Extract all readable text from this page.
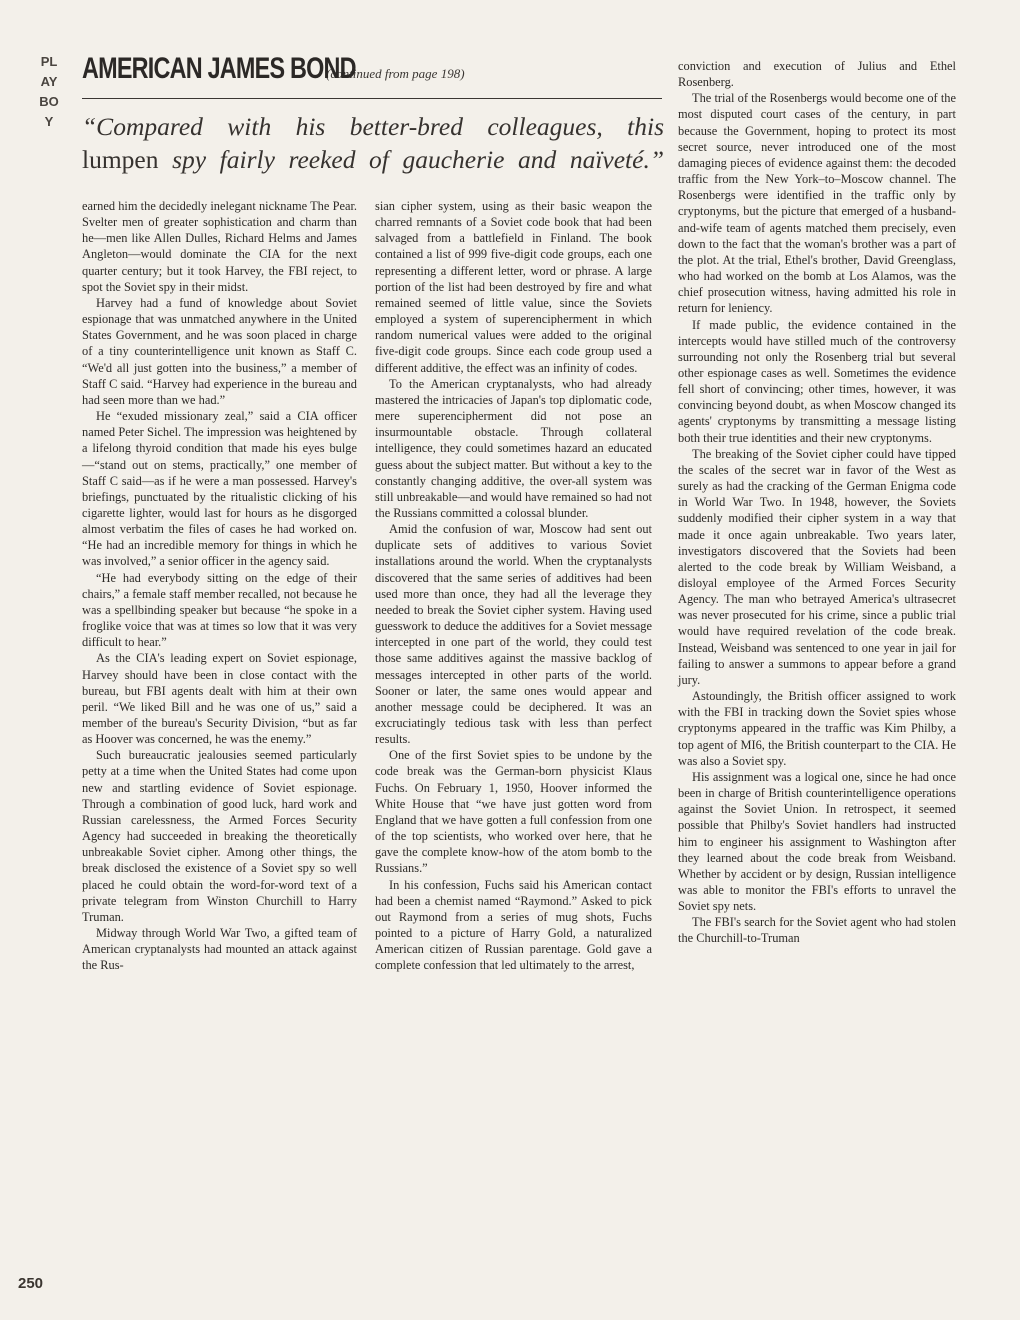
PLAYBOY
250
AMERICAN JAMES BOND
(continued from page 198)
“Compared with his better-bred colleagues, this
lumpen spy fairly reeked of gaucherie and naïveté.”

earned him the decidedly inelegant nickname The Pear. Svelter men of greater sophistication and charm than he—men like Allen Dulles, Richard Helms and James Angleton—would dominate the CIA for the next quarter century; but it took Harvey, the FBI reject, to spot the Soviet spy in their midst.

Harvey had a fund of knowledge about Soviet espionage that was unmatched anywhere in the United States Government, and he was soon placed in charge of a tiny counterintelligence unit known as Staff C. “We'd all just gotten into the business,” a member of Staff C said. “Harvey had experience in the bureau and had seen more than we had.”

He “exuded missionary zeal,” said a CIA officer named Peter Sichel. The impression was heightened by a lifelong thyroid condition that made his eyes bulge—“stand out on stems, practically,” one member of Staff C said—as if he were a man possessed. Harvey's briefings, punctuated by the ritualistic clicking of his cigarette lighter, would last for hours as he disgorged almost verbatim the files of cases he had worked on. “He had an incredible memory for things in which he was involved,” a senior officer in the agency said.

“He had everybody sitting on the edge of their chairs,” a female staff member recalled, not because he was a spellbinding speaker but because “he spoke in a froglike voice that was at times so low that it was very difficult to hear.”

As the CIA's leading expert on Soviet espionage, Harvey should have been in close contact with the bureau, but FBI agents dealt with him at their own peril. “We liked Bill and he was one of us,” said a member of the bureau's Security Division, “but as far as Hoover was concerned, he was the enemy.”

Such bureaucratic jealousies seemed particularly petty at a time when the United States had come upon new and startling evidence of Soviet espionage. Through a combination of good luck, hard work and Russian carelessness, the Armed Forces Security Agency had succeeded in breaking the theoretically unbreakable Soviet cipher. Among other things, the break disclosed the existence of a Soviet spy so well placed he could obtain the word-for-word text of a private telegram from Winston Churchill to Harry Truman.

Midway through World War Two, a gifted team of American cryptanalysts had mounted an attack against the Rus-

sian cipher system, using as their basic weapon the charred remnants of a Soviet code book that had been salvaged from a battlefield in Finland. The book contained a list of 999 five-digit code groups, each one representing a different letter, word or phrase. A large portion of the list had been destroyed by fire and what remained seemed of little value, since the Soviets employed a system of superencipherment in which random numerical values were added to the original five-digit code groups. Since each code group used a different additive, the effect was an infinity of codes.

To the American cryptanalysts, who had already mastered the intricacies of Japan's top diplomatic code, mere superencipherment did not pose an insurmountable obstacle. Through collateral intelligence, they could sometimes hazard an educated guess about the subject matter. But without a key to the constantly changing additive, the over-all system was still unbreakable—and would have remained so had not the Russians committed a colossal blunder.

Amid the confusion of war, Moscow had sent out duplicate sets of additives to various Soviet installations around the world. When the cryptanalysts discovered that the same series of additives had been used more than once, they had all the leverage they needed to break the Soviet cipher system. Having used guesswork to deduce the additives for a Soviet message intercepted in one part of the world, they could test those same additives against the massive backlog of messages intercepted in other parts of the world. Sooner or later, the same ones would appear and another message could be deciphered. It was an excruciatingly tedious task with less than perfect results.

One of the first Soviet spies to be undone by the code break was the German-born physicist Klaus Fuchs. On February 1, 1950, Hoover informed the White House that “we have just gotten word from England that we have gotten a full confession from one of the top scientists, who worked over here, that he gave the complete know-how of the atom bomb to the Russians.”

In his confession, Fuchs said his American contact had been a chemist named “Raymond.” Asked to pick out Raymond from a series of mug shots, Fuchs pointed to a picture of Harry Gold, a naturalized American citizen of Russian parentage. Gold gave a complete confession that led ultimately to the arrest,

conviction and execution of Julius and Ethel Rosenberg.

The trial of the Rosenbergs would become one of the most disputed court cases of the century, in part because the Government, hoping to protect its most secret source, never introduced one of the most damaging pieces of evidence against them: the decoded traffic from the New York–to–Moscow channel. The Rosenbergs were identified in the traffic only by cryptonyms, but the picture that emerged of a husband-and-wife team of agents matched them precisely, even down to the fact that the woman's brother was a part of the plot. At the trial, Ethel's brother, David Greenglass, who had worked on the bomb at Los Alamos, was the chief prosecution witness, having admitted his role in return for leniency.

If made public, the evidence contained in the intercepts would have stilled much of the controversy surrounding not only the Rosenberg trial but several other espionage cases as well. Sometimes the evidence fell short of convincing; other times, however, it was convincing beyond doubt, as when Moscow changed its agents' cryptonyms by transmitting a message listing both their true identities and their new cryptonyms.

The breaking of the Soviet cipher could have tipped the scales of the secret war in favor of the West as surely as had the cracking of the German Enigma code in World War Two. In 1948, however, the Soviets suddenly modified their cipher system in a way that made it once again unbreakable. Two years later, investigators discovered that the Soviets had been alerted to the code break by William Weisband, a disloyal employee of the Armed Forces Security Agency. The man who betrayed America's ultrasecret was never prosecuted for his crime, since a public trial would have required revelation of the code break. Instead, Weisband was sentenced to one year in jail for failing to answer a summons to appear before a grand jury.

Astoundingly, the British officer assigned to work with the FBI in tracking down the Soviet spies whose cryptonyms appeared in the traffic was Kim Philby, a top agent of MI6, the British counterpart to the CIA. He was also a Soviet spy.

His assignment was a logical one, since he had once been in charge of British counterintelligence operations against the Soviet Union. In retrospect, it seemed possible that Philby's Soviet handlers had instructed him to engineer his assignment to Washington after they learned about the code break from Weisband. Whether by accident or by design, Russian intelligence was able to monitor the FBI's efforts to unravel the Soviet spy nets.

The FBI's search for the Soviet agent who had stolen the Churchill-to-Truman
